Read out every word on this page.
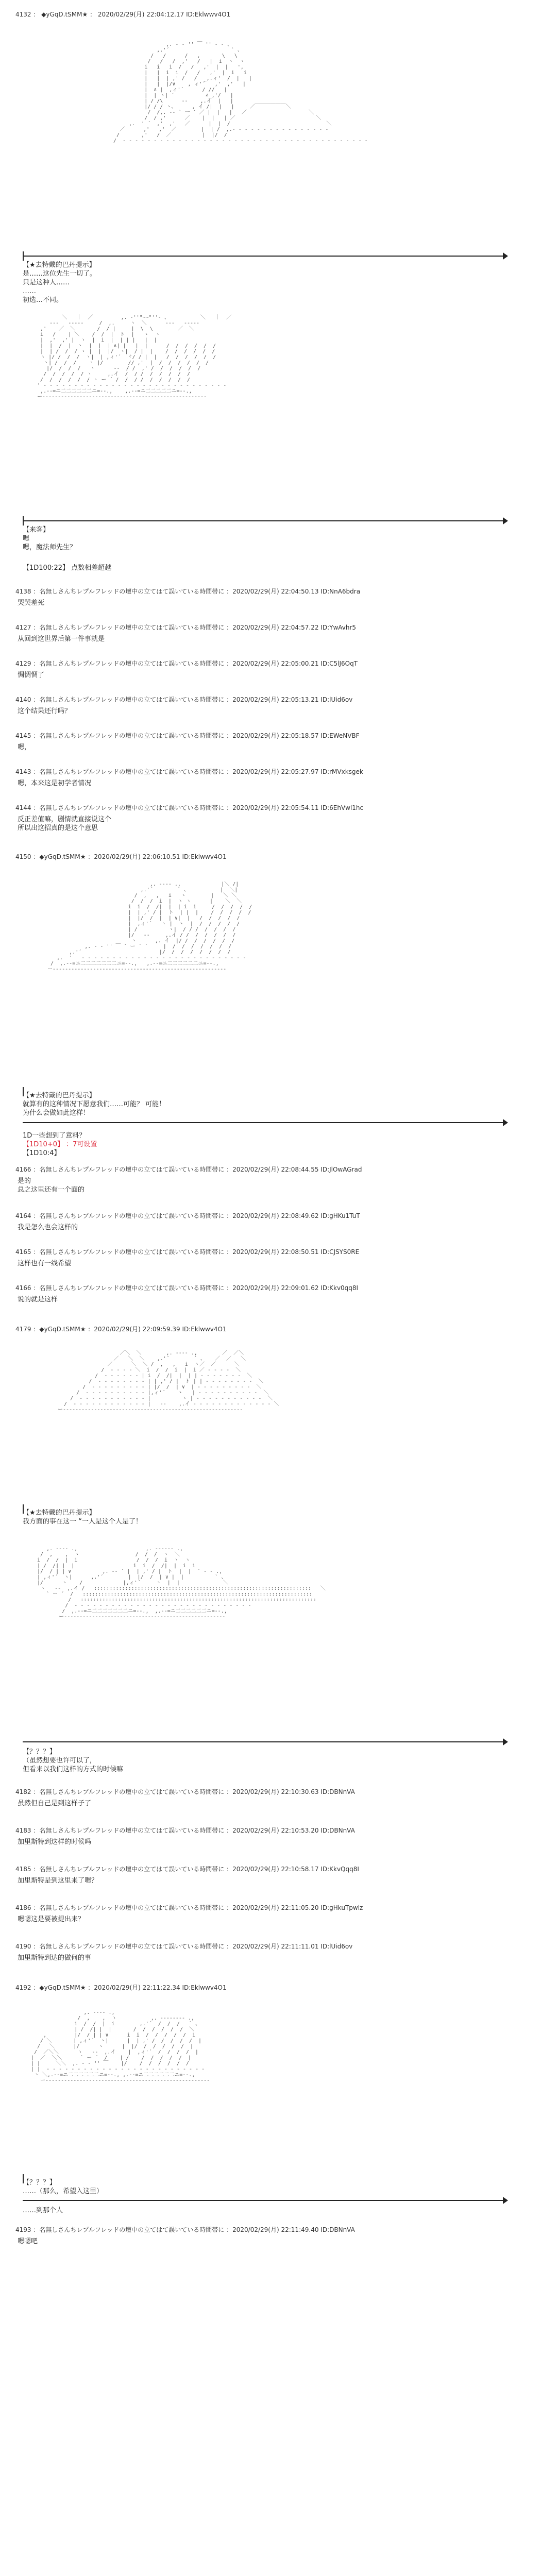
4132 ： ◆yGqD.tSMM★ ： 2020/02/29(月) 22:04:12.17 ID:Eklwwv4O1

,. - ‐ '' ￣ '' ‐ - 、
,.'´                    ` 、
/   /      /   ,       \   \
/   /   /  ,'   /   |  i  ヽ  ヽ
i   i   i  /   /   ,'  |  |   ',
|   |  i  i  /   /   ,'  |  i   i
|   |  | ,' /   /  _,.ィ'  /  |   |
|   |  |/∨    , ィ'´   ,'  ,'   |
|  ∧ |  ,ィ'´      / //   |
|  | ヽ| ´          ∠_,'/   |
| / /\      ‐-    ,.イ  |   |
|/ / / ヽ、     , イ /|  |   |     ／￣￣￣￣￣￣＼
/  /,. -‐ ` 一 ´ ／ |  |   |   ／                    ＼
/  / ,'      ／    |  |   | ／                          ＼
,.  ' ´  ,'  ,'   ／      |  |  /                               ＼
／      ,'   ,'  ／        |  | /  ,.‐ ‐ - - - - - - - - - - - - - -
/       ,'   /  ／          |  |/  /
/  ‐ ‐ ‐ ‐ ‐ ‐ ‐ ‐ ‐ ‐ ‐ ‐ ‐ ‐ ‐ ‐ ‐ ‐ ‐ ‐ ‐ ‐ ‐ ‐ ‐ ‐ ‐ ‐ ‐ ‐ ‐ ‐ ‐ ‐ ‐ ‐ ‐ ‐ ‐ ‐

【★去特戴的巴丹提示】
是……这位先生一切了。
只是这种人……
……
初选…不同。

＼   ｜  ／         ,. ‐''"~~"''‐ 、          ＼   ｜  ／
‐‐‐   ‐‐‐‐‐     /  ,.     ヽ  ＼      ‐‐‐   ‐‐‐‐‐
,'    ／  ＼       /  / |     |  \  \        ／  ＼
i   /    | ＼    /  /  |  ト  |   ヽ  ヽ
|  ,'  ,' |  ヽ  |  i  |  | | |   |  |
|  |  /  |  ヽ  |  |  | ∧| |   |  |      /  /  /  /  /  /
|  | /  /  / ヽ |  |  |/  ヽ|  / |  |    /  /  /  /  /  /
ヽ |/ /  /  /  ヽ|  | ,ィ'´  ヾ/ / |  |   /  /  /  /  /  /
ヽ| /  /  /    ヽ |/        // ,'  |  /  /  /  /  /  /
|/  /  /  /   ヽ      ‐-  / /  ,' /  /  /  /  /  /
/  /  /  /  / ヽ     ,.イ  /  / /  /  /  /  /  /
/  /  /  /  /  / ヽ ー ´ /  /  / /  /  /  /  /  /
' ‐ ‐ ‐ ‐ ‐ ‐ ‐ ‐ ‐ ‐ ‐ ‐ ‐ ‐ ‐ ‐ ‐ ‐ ‐ ‐ ‐ ‐ ‐ ‐ ‐ ‐ ‐ ‐ ‐ ‐
,.-‐=ニ二二二二二二ニ=‐-.,    ,.-‐=ニ二二二二二ニ=‐-.,
ー‐‐‐‐‐‐‐‐‐‐‐‐‐‐‐‐‐‐‐‐‐‐‐‐‐‐‐‐‐‐‐‐‐‐‐‐‐‐‐‐‐‐‐‐‐‐‐‐‐‐‐‐‐

【来客】
嗯
嗯，魔法师先生？
【1D100:22】 点数相差超越
4138 ：名無しさんちレプルフレッドの壇中の立てはて誤いている時間帯に ：2020/02/29(月) 22:04:50.13 ID:NnA6bdra
哭哭差死
4127 ：名無しさんちレプルフレッドの壇中の立てはて誤いている時間帯に ：2020/02/29(月) 22:04:57.22 ID:YwAvhr5
从回到这世界后第一件事就是
4129 ：名無しさんちレプルフレッドの壇中の立てはて誤いている時間帯に ：2020/02/29(月) 22:05:00.21 ID:C5lJ6OqT
惆惆惆了
4140 ：名無しさんちレプルフレッドの壇中の立てはて誤いている時間帯に ：2020/02/29(月) 22:05:13.21 ID:lUid6ov
这个结果还行吗？
4145 ：名無しさんちレプルフレッドの壇中の立てはて誤いている時間帯に ：2020/02/29(月) 22:05:18.57 ID:EWeNVBF
嗯，
4143 ：名無しさんちレプルフレッドの壇中の立てはて誤いている時間帯に ：2020/02/29(月) 22:05:27.97 ID:rMVxksgek
嗯，本来这是初学者情况
4144 ：名無しさんちレプルフレッドの壇中の立てはて誤いている時間帯に ：2020/02/29(月) 22:05:54.11 ID:6EhVwl1hc
反正差值嘛，剧情就直接说这个
所以出这招真的是这个意思
4150 ：◆yGqD.tSMM★ ：2020/02/29(月) 22:06:10.51 ID:Eklwwv4O1

,. -‐‐- .,             |＼ /|
,.'´        ` 、          |  ＼|
/  ,   ,   i   ヽ        |   ＼ ＼
/  /  /  i  |  ヽ ヽ      |    ＼  ＼
i  i  /  /|  |  | i  i     /  /  /  /  /
|  | ,' / |  ト  | |  |    /  /  /  /  /
|  |/  /  |  | ∨|  |   /  /  /  /  /
|  ,ィ'´   ヽ |  ヽ  |  /  /  /  /  /
| /          ヽ|  / / /  /  /  /  /
|/   ‐-     ,.イ / /  /  /  /  /  /
ヽ      ,. イ  |/ /  /  /  /  /  /
,. - ‐ '' ￣ ` ー ´ ´     |  /  /  /  /  /  /  /
,.'´                         |/  /  /  /  /  /  /  /
,.  '   ‐ ‐ ‐ ‐ ‐ ‐ ‐ ‐ ‐ ‐ ‐ ‐ ‐ ‐ ‐ ‐ ‐ ‐ ‐ ‐ ‐ ‐ ‐ ‐ ‐ ‐ ‐
/  ,.-‐=ニ二二二二二二二ニ=‐-.,   ,.-‐=ニ二二二二二二ニ=‐-.,
ー‐‐‐‐‐‐‐‐‐‐‐‐‐‐‐‐‐‐‐‐‐‐‐‐‐‐‐‐‐‐‐‐‐‐‐‐‐‐‐‐‐‐‐‐‐‐‐‐‐‐‐‐‐‐‐‐

【★去特戴的巴丹提示】
就算有的这种情况下愿意我们……可能？ 可能！
为什么会做如此这样！
1D一些想到了意料？
【1D10+0】 ：7可设置
【1D10:4】
4166 ：名無しさんちレプルフレッドの壇中の立てはて誤いている時間帯に ：2020/02/29(月) 22:08:44.55 ID:JlOwAGrad
是的
总之这里还有一个面的
4164 ：名無しさんちレプルフレッドの壇中の立てはて誤いている時間帯に ：2020/02/29(月) 22:08:49.62 ID:gHKu1TuT
我是怎么也会这样的
4165 ：名無しさんちレプルフレッドの壇中の立てはて誤いている時間帯に ：2020/02/29(月) 22:08:50.51 ID:CJSYS0RE
这样也有一线希望
4166 ：名無しさんちレプルフレッドの壇中の立てはて誤いている時間帯に ：2020/02/29(月) 22:09:01.62 ID:Kkv0qq8I
说的就是这样
4179 ：◆yGqD.tSMM★ ：2020/02/29(月) 22:09:59.39 ID:Eklwwv4O1

／＼  ＼        ,. -‐‐- .,        ／  ／＼
／   ＼  ＼    ,.'´        ` 、   ／  ／   ＼
／      ＼  ＼ /  ,   ,   i  ヽ／  ／      ＼
/  ‐ ‐ ‐ ‐ ＼  i  /  /  i  |  i ／ ‐ ‐ ‐ ‐  ＼
/  ‐ ‐ ‐ ‐ ‐ ‐ | i  /  /|  |  | | ‐ ‐ ‐ ‐ ‐ ‐ ‐  ＼
/  ‐ ‐ ‐ ‐ ‐ ‐ ‐ ‐ | | ,' / |  ト | | ‐ ‐ ‐ ‐ ‐ ‐ ‐ ‐  ＼
/  ‐ ‐ ‐ ‐ ‐ ‐ ‐ ‐ ‐ | |/  /  | ∨  | ‐ ‐ ‐ ‐ ‐ ‐ ‐ ‐ ‐  ＼
/  ‐ ‐ ‐ ‐ ‐ ‐ ‐ ‐ ‐ ‐ |,ィ'´    ヽ   | ‐ ‐ ‐ ‐ ‐ ‐ ‐ ‐ ‐ ‐  ＼
/  ‐ ‐ ‐ ‐ ‐ ‐ ‐ ‐ ‐ ‐ ‐ |          ヽ | ‐ ‐ ‐ ‐ ‐ ‐ ‐ ‐ ‐ ‐ ‐  ＼
/  ‐ ‐ ‐ ‐ ‐ ‐ ‐ ‐ ‐ ‐ ‐ ‐ |   ‐-    ,.イ ‐ ‐ ‐ ‐ ‐ ‐ ‐ ‐ ‐ ‐ ‐ ‐ ‐ ＼
ー‐‐‐‐‐‐‐‐‐‐‐‐‐‐‐‐‐‐‐‐‐‐‐‐‐‐‐‐‐‐‐‐‐‐‐‐‐‐‐‐‐‐‐‐‐‐‐‐‐‐‐‐‐‐‐‐‐‐

【★去特戴的巴丹提示】
我方面的事在这一 “一人是这个人是了！

,. -‐‐- .,                      ,. -‐‐‐‐- .,
/  ,    ,  ヽ                  /  /  /  ヽ  ＼
i  /  /  |  i                   /  /  /  i  ヽ  ヽ
| /  /| |  |                   i  i  /  /|  |  i  i
|/  / | | ∨          ,. -‐ ´ |  | ,' / |  ト  |  |  ` ‐ - .,
| ,ィ'´  ヽ|      ,.'´        |  |/  /  | ∨ |  |          ` 、
|/      ヽ    /             |,ィ'´     ヽ  |  |              ＼
ヽ   ‐-  ,.イ /   ::::::::::::::::::::::::::::::::::::::::::::::::::::::::::::::::::::::   ＼
` ー ´  /   ::::::::::::::::::::::::::::::::::::::::::::::::::::::::::::::::::::::::::
/   ::::::::::::::::::::::::::::::::::::::::::::::::::::::::::::::::::::::::::::
/  ‐ ‐ ‐ ‐ ‐ ‐ ‐ ‐ ‐ ‐ ‐ ‐ ‐ ‐ ‐ ‐ ‐ ‐ ‐ ‐ ‐ ‐ ‐ ‐ ‐ ‐ ‐ ‐ ‐
/  ,.-‐=ニ二二二二二二二ニ=‐-.,  ,.-‐=ニ二二二二二二ニ=‐-.,
ー‐‐‐‐‐‐‐‐‐‐‐‐‐‐‐‐‐‐‐‐‐‐‐‐‐‐‐‐‐‐‐‐‐‐‐‐‐‐‐‐‐‐‐‐‐‐‐‐‐‐‐‐

【？？？】
（虽然想要也许可以了，
但看来以我们这样的方式的时候嘛
4182 ：名無しさんちレプルフレッドの壇中の立てはて誤いている時間帯に ：2020/02/29(月) 22:10:30.63 ID:DBNnVA
虽然但自己是到这样子了
4183 ：名無しさんちレプルフレッドの壇中の立てはて誤いている時間帯に ：2020/02/29(月) 22:10:53.20 ID:DBNnVA
加里斯特到这样的时候吗
4185 ：名無しさんちレプルフレッドの壇中の立てはて誤いている時間帯に ：2020/02/29(月) 22:10:58.17 ID:KkvQqq8I
加里斯特是到这里来了嗯？
4186 ：名無しさんちレプルフレッドの壇中の立てはて誤いている時間帯に ：2020/02/29(月) 22:11:05.20 ID:gHkuTpwlz
嗯嗯这是要被提出来？
4190 ：名無しさんちレプルフレッドの壇中の立てはて誤いている時間帯に ：2020/02/29(月) 22:11:11.01 ID:lUid6ov
加里斯特到达的做何的事
4192 ：◆yGqD.tSMM★ ：2020/02/29(月) 22:11:22.34 ID:Eklwwv4O1

,. -‐‐- .,
/  ,    ,  ヽ           ,. -‐‐‐‐‐‐- .,
i  /  /  |  i        ,.'´  /  /  /   ` 、
| /  /| |  |       /  /  /  /  /  /  ＼
,         |/  / | | ∨      i  i  /  /  /  /  /  i
/ ＼       | ,ィ'´  ヽ|      |  | ,' /  /  /  /  /  |
/   ＼      |/      ヽ      |  |/  /  /  /  /  /  |
/  ／＼＼      ヽ   ‐-  ,.イ    |  ,ィ'´  /  /  /  /  |
|  ／  ＼＼      ` ー ´  /    | /    /  /  /  /  /  |
| |     ＼＼  ,. - ‐ '' ￣    |/    /  /  /  /  /  /
| |  ‐ ‐ ‐ ‐ ‐ ‐ ‐ ‐ ‐ ‐ ‐ ‐ ‐ ‐ ‐ ‐ ‐ ‐ ‐ ‐ ‐ ‐ ‐ ‐ ‐ ‐
ヽ ＼,.-‐=ニ二二二二二二ニ=‐-., ,.-‐=ニ二二二二二二ニ=‐-.,
ー‐‐‐‐‐‐‐‐‐‐‐‐‐‐‐‐‐‐‐‐‐‐‐‐‐‐‐‐‐‐‐‐‐‐‐‐‐‐‐‐‐‐‐‐‐‐‐‐‐‐‐‐‐

【？？？】
……（那么，希望入这里）
……到那个人
4193 ：名無しさんちレプルフレッドの壇中の立てはて誤いている時間帯に ：2020/02/29(月) 22:11:49.40 ID:DBNnVA
嗯嗯吧
